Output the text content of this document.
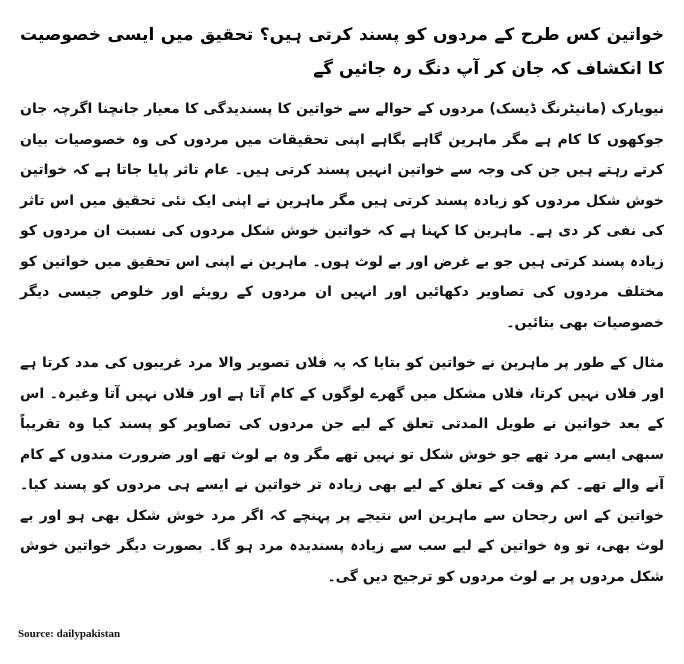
خواتین کس طرح کے مردوں کو پسند کرتی ہیں؟ تحقیق میں ایسی خصوصیت کا انکشاف کہ جان کر آپ دنگ رہ جائیں گے

نیویارک (مانیٹرنگ ڈیسک) مردوں کے حوالے سے خواتین کا پسندیدگی کا معیار جانچنا اگرچہ جان جوکھوں کا کام ہے مگر ماہرین گاہے بگاہے اپنی تحقیقات میں مردوں کی وہ خصوصیات بیان کرتے رہتے ہیں جن کی وجہ سے خواتین انہیں پسند کرتی ہیں۔ عام تاثر پایا جاتا ہے کہ خواتین خوش شکل مردوں کو زیادہ پسند کرتی ہیں مگر ماہرین نے اپنی ایک نئی تحقیق میں اس تاثر کی نفی کر دی ہے۔ ماہرین کا کہنا ہے کہ خواتین خوش شکل مردوں کی نسبت ان مردوں کو زیادہ پسند کرتی ہیں جو بے غرض اور بے لوث ہوں۔ ماہرین نے اپنی اس تحقیق میں خواتین کو مختلف مردوں کی تصاویر دکھائیں اور انہیں ان مردوں کے رویئے اور خلوص جیسی دیگر خصوصیات بھی بتائیں۔

مثال کے طور پر ماہرین نے خواتین کو بتایا کہ یہ فلاں تصویر والا مرد غریبوں کی مدد کرتا ہے اور فلاں نہیں کرتا، فلاں مشکل میں گھرے لوگوں کے کام آتا ہے اور فلاں نہیں آتا وغیرہ۔ اس کے بعد خواتین نے طویل المدتی تعلق کے لیے جن مردوں کی تصاویر کو پسند کیا وہ تقریباً سبھی ایسے مرد تھے جو خوش شکل تو نہیں تھے مگر وہ بے لوث تھے اور ضرورت مندوں کے کام آنے والے تھے۔ کم وقت کے تعلق کے لیے بھی زیادہ تر خواتین نے ایسے ہی مردوں کو پسند کیا۔ خواتین کے اس رجحان سے ماہرین اس نتیجے پر پہنچے کہ اگر مرد خوش شکل بھی ہو اور بے لوث بھی، تو وہ خواتین کے لیے سب سے زیادہ پسندیدہ مرد ہو گا۔ بصورت دیگر خواتین خوش شکل مردوں پر بے لوث مردوں کو ترجیح دیں گی۔

Source: dailypakistan
